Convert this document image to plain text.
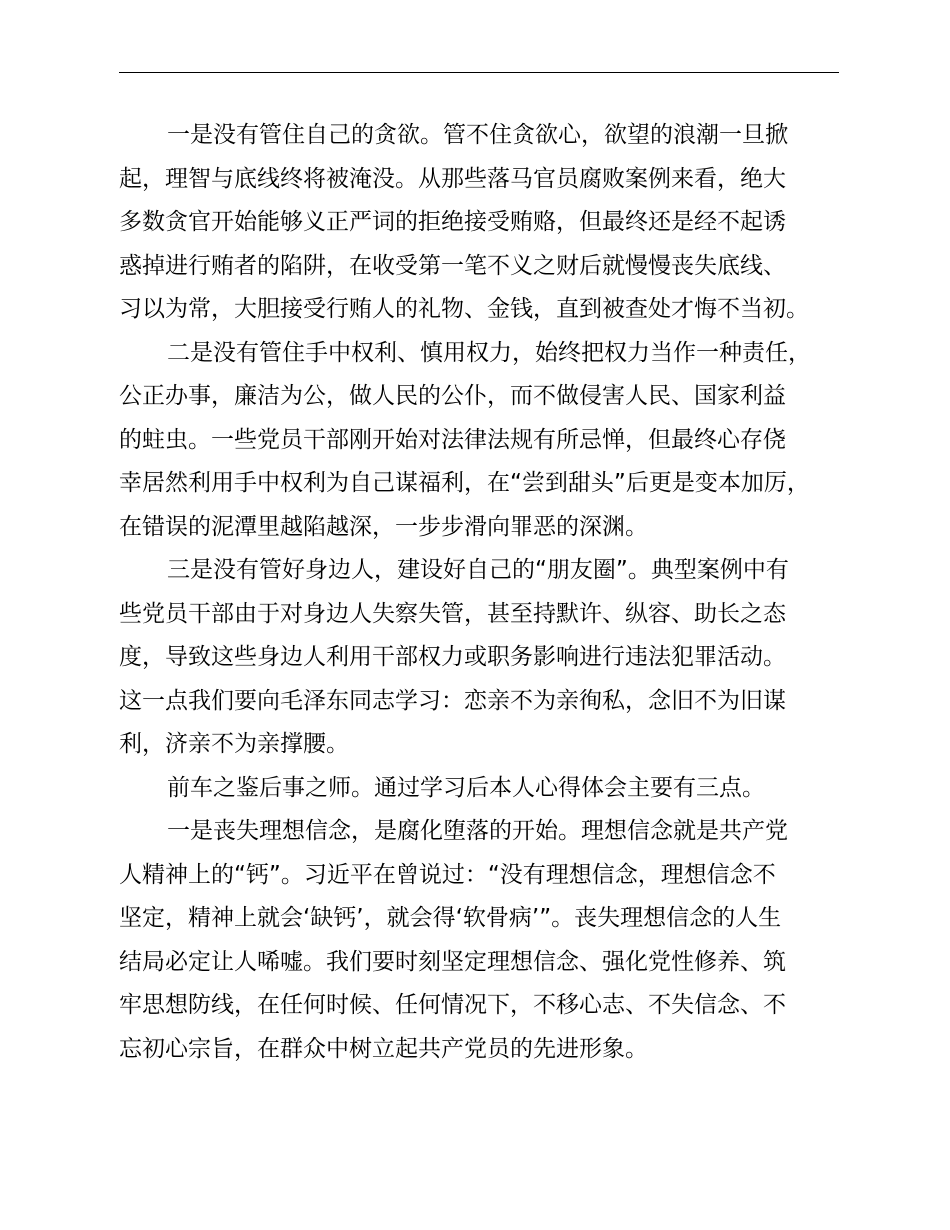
一是没有管住自己的贪欲。管不住贪欲心，欲望的浪潮一旦掀
起，理智与底线终将被淹没。从那些落马官员腐败案例来看，绝大
多数贪官开始能够义正严词的拒绝接受贿赂，但最终还是经不起诱
惑掉进行贿者的陷阱，在收受第一笔不义之财后就慢慢丧失底线、
习以为常，大胆接受行贿人的礼物、金钱，直到被查处才悔不当初。
二是没有管住手中权利、慎用权力，始终把权力当作一种责任，
公正办事，廉洁为公，做人民的公仆，而不做侵害人民、国家利益
的蛀虫。一些党员干部刚开始对法律法规有所忌惮，但最终心存侥
幸居然利用手中权利为自己谋福利，在“尝到甜头”后更是变本加厉，
在错误的泥潭里越陷越深，一步步滑向罪恶的深渊。
三是没有管好身边人，建设好自己的“朋友圈”。典型案例中有
些党员干部由于对身边人失察失管，甚至持默许、纵容、助长之态
度，导致这些身边人利用干部权力或职务影响进行违法犯罪活动。
这一点我们要向毛泽东同志学习：恋亲不为亲徇私，念旧不为旧谋
利，济亲不为亲撑腰。
前车之鉴后事之师。通过学习后本人心得体会主要有三点。
一是丧失理想信念，是腐化堕落的开始。理想信念就是共产党
人精神上的“钙”。习近平在曾说过：“没有理想信念，理想信念不
坚定，精神上就会‘缺钙’，就会得‘软骨病’”。丧失理想信念的人生
结局必定让人唏嘘。我们要时刻坚定理想信念、强化党性修养、筑
牢思想防线，在任何时候、任何情况下，不移心志、不失信念、不
忘初心宗旨，在群众中树立起共产党员的先进形象。
